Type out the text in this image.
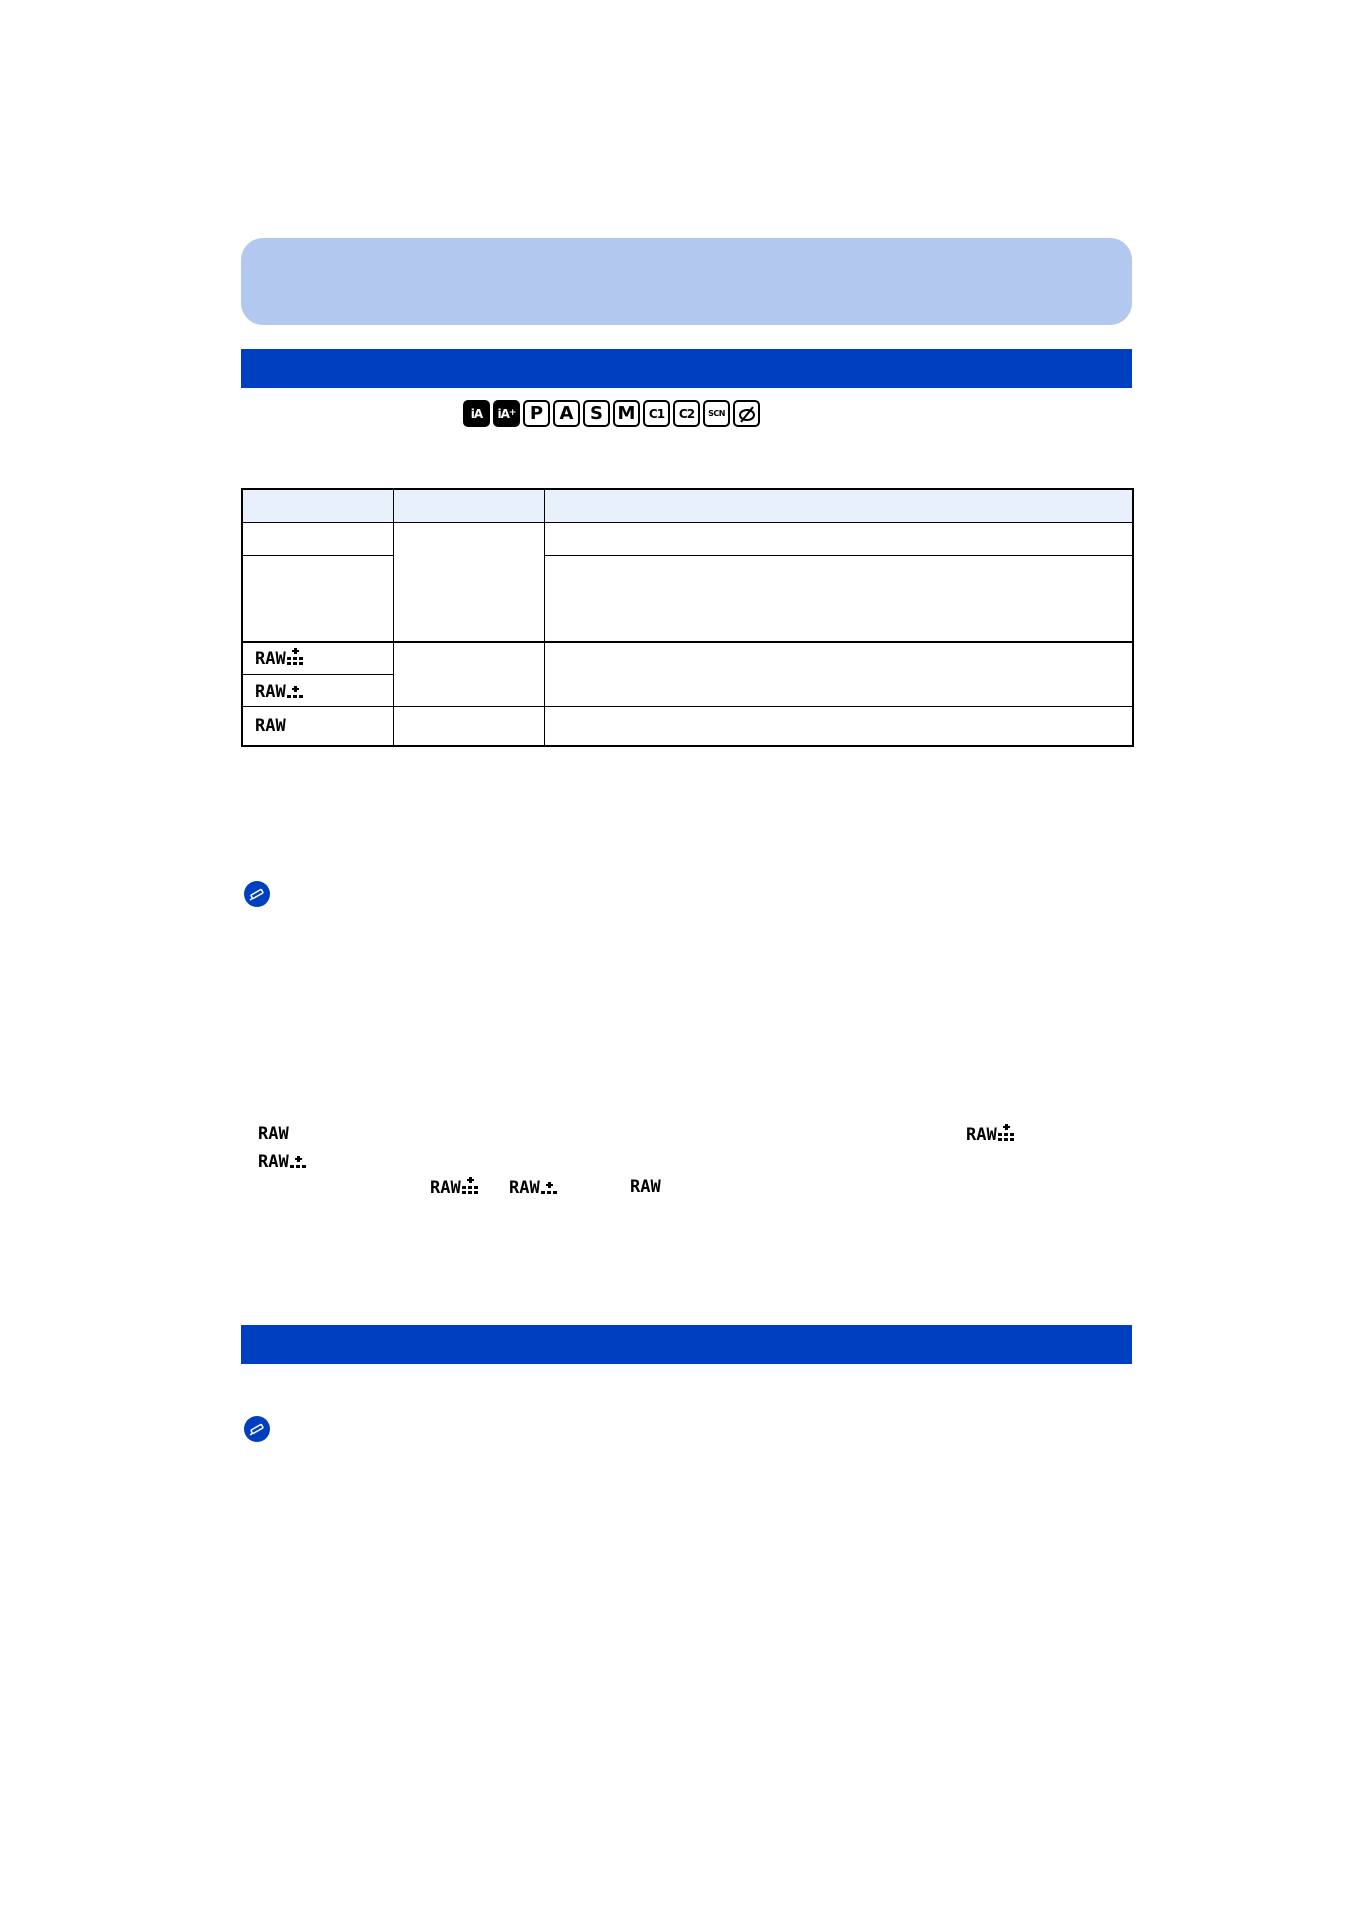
iA	iA + P A S M	C1	C2	SCN

RAW		

RAW		

RAW		
RAW	RAW
RAW
RAW	RAW	RAW
